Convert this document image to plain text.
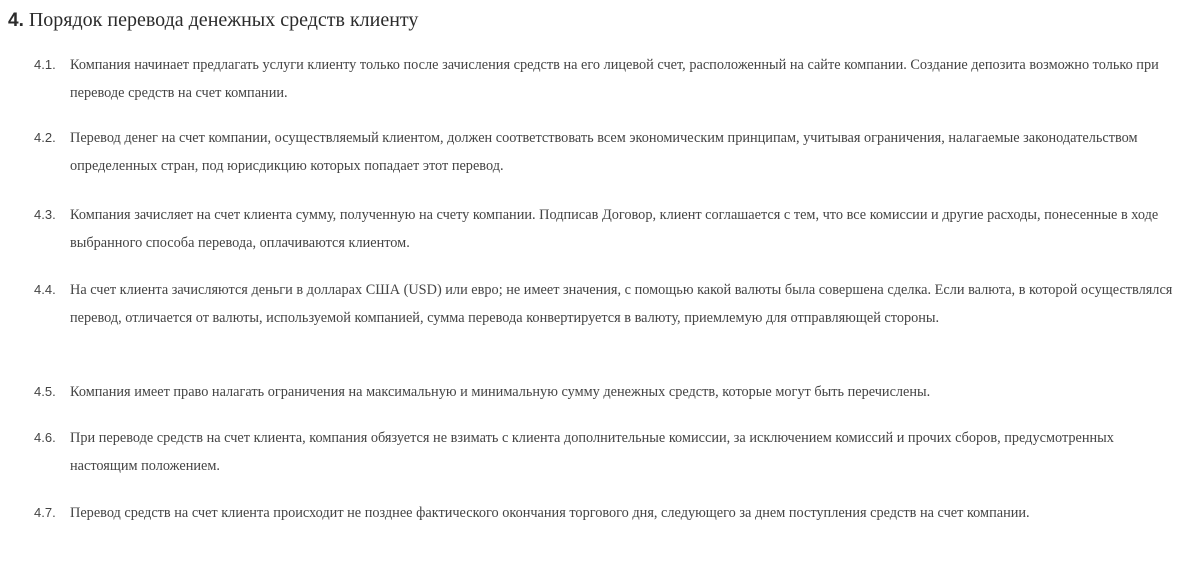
4. Порядок перевода денежных средств клиенту
4.1. Компания начинает предлагать услуги клиенту только после зачисления средств на его лицевой счет, расположенный на сайте компании. Создание депозита возможно только при переводе средств на счет компании.

4.2. Перевод денег на счет компании, осуществляемый клиентом, должен соответствовать всем экономическим принципам, учитывая ограничения, налагаемые законодательством определенных стран, под юрисдикцию которых попадает этот перевод.

4.3. Компания зачисляет на счет клиента сумму, полученную на счету компании. Подписав Договор, клиент соглашается с тем, что все комиссии и другие расходы, понесенные в ходе выбранного способа перевода, оплачиваются клиентом.

4.4. На счет клиента зачисляются деньги в долларах США (USD) или евро; не имеет значения, с помощью какой валюты была совершена сделка. Если валюта, в которой осуществлялся перевод, отличается от валюты, используемой компанией, сумма перевода конвертируется в валюту, приемлемую для отправляющей стороны.

4.5. Компания имеет право налагать ограничения на максимальную и минимальную сумму денежных средств, которые могут быть перечислены.

4.6. При переводе средств на счет клиента, компания обязуется не взимать с клиента дополнительные комиссии, за исключением комиссий и прочих сборов, предусмотренных настоящим положением.

4.7. Перевод средств на счет клиента происходит не позднее фактического окончания торгового дня, следующего за днем поступления средств на счет компании.
